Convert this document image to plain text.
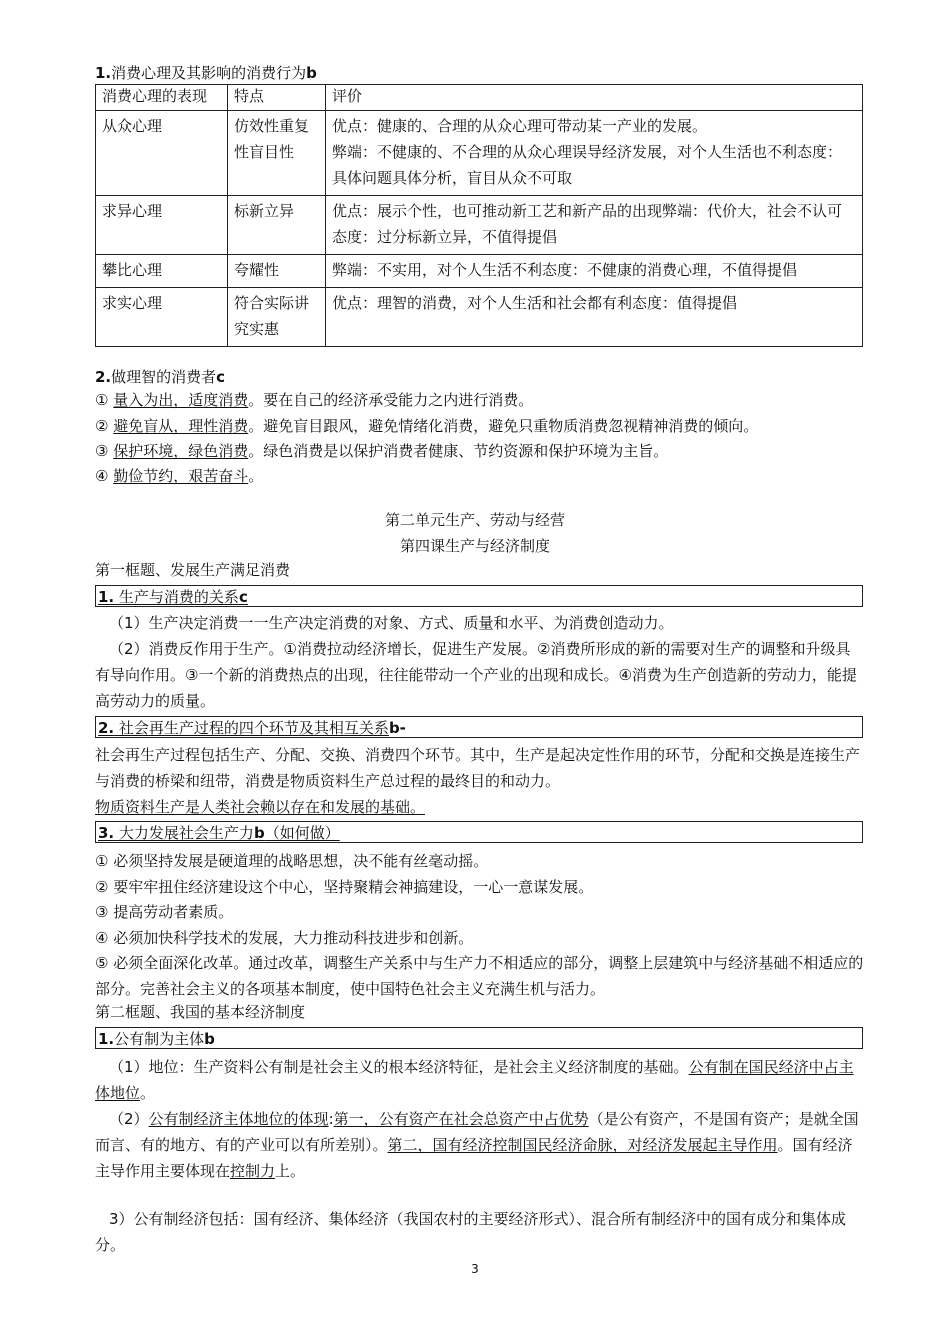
1.消费心理及其影响的消费行为b
消费心理的表现	特点	评价
从众心理	仿效性重复性盲目性	优点：健康的、合理的从众心理可带动某一产业的发展。
弊端：不健康的、不合理的从众心理误导经济发展，对个人生活也不利态度：具体问题具体分析，盲目从众不可取

求异心理	标新立异	优点：展示个性，也可推动新工艺和新产品的出现弊端：代价大，社会不认可
态度：过分标新立异，不值得提倡

攀比心理	夸耀性	弊端：不实用，对个人生活不利态度：不健康的消费心理，不值得提倡

求实心理	符合实际讲究实惠	优点：理智的消费，对个人生活和社会都有利态度：值得提倡
2.做理智的消费者c
① 量入为出，适度消费。要在自己的经济承受能力之内进行消费。
② 避免盲从，理性消费。避免盲目跟风，避免情绪化消费，避免只重物质消费忽视精神消费的倾向。
③ 保护环境，绿色消费。绿色消费是以保护消费者健康、节约资源和保护环境为主旨。
④ 勤俭节约，艰苦奋斗。
第二单元生产、劳动与经营
第四课生产与经济制度
第一框题、发展生产满足消费
1. 生产与消费的关系c
（1）生产决定消费一一生产决定消费的对象、方式、质量和水平、为消费创造动力。
（2）消费反作用于生产。①消费拉动经济增长，促进生产发展。②消费所形成的新的需要对生产的调整和升级具有导向作用。③一个新的消费热点的出现，往往能带动一个产业的出现和成长。④消费为生产创造新的劳动力，能提高劳动力的质量。
2. 社会再生产过程的四个环节及其相互关系b-
社会再生产过程包括生产、分配、交换、消费四个环节。其中，生产是起决定性作用的环节，分配和交换是连接生产与消费的桥梁和纽带，消费是物质资料生产总过程的最终目的和动力。
物质资料生产是人类社会赖以存在和发展的基础。
3. 大力发展社会生产力b（如何做）
① 必须坚持发展是硬道理的战略思想，决不能有丝毫动摇。
② 要牢牢扭住经济建设这个中心，坚持聚精会神搞建设，一心一意谋发展。
③ 提高劳动者素质。
④ 必须加快科学技术的发展，大力推动科技进步和创新。
⑤ 必须全面深化改革。通过改革，调整生产关系中与生产力不相适应的部分，调整上层建筑中与经济基础不相适应的部分。完善社会主义的各项基本制度，使中国特色社会主义充满生机与活力。
第二框题、我国的基本经济制度
1.公有制为主体b
（1）地位：生产资料公有制是社会主义的根本经济特征，是社会主义经济制度的基础。公有制在国民经济中占主体地位。
（2）公有制经济主体地位的体现:第一，公有资产在社会总资产中占优势（是公有资产，不是国有资产；是就全国而言、有的地方、有的产业可以有所差别）。第二，国有经济控制国民经济命脉，对经济发展起主导作用。国有经济主导作用主要体现在控制力上。
3）公有制经济包括：国有经济、集体经济（我国农村的主要经济形式）、混合所有制经济中的国有成分和集体成分。
3
